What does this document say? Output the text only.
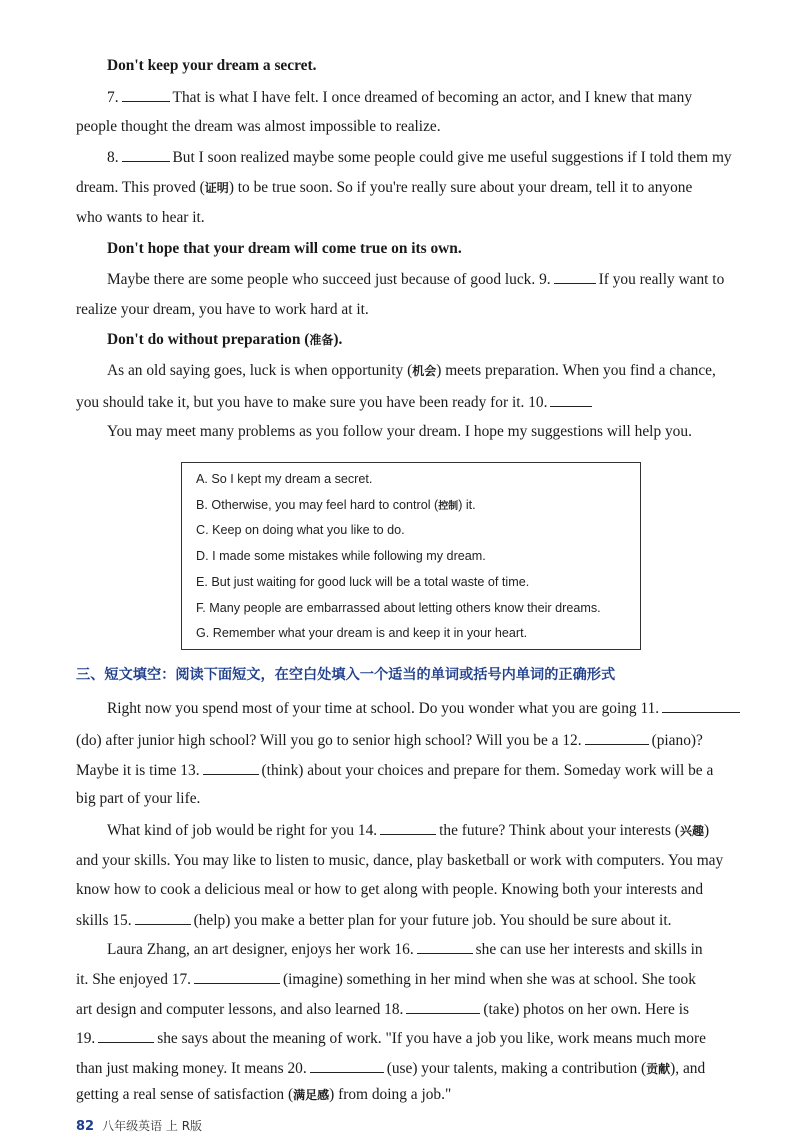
Don't keep your dream a secret.
7.	That is what I have felt. I once dreamed of becoming an actor, and I knew that many
people thought the dream was almost impossible to realize.
8.	But I soon realized maybe some people could give me useful suggestions if I told them my
dream. This proved (证明) to be true soon. So if you're really sure about your dream, tell it to anyone
who wants to hear it.
Don't hope that your dream will come true on its own.
Maybe there are some people who succeed just because of good luck. 9.	If you really want to
realize your dream, you have to work hard at it.
Don't do without preparation (准备).
As an old saying goes, luck is when opportunity (机会) meets preparation. When you find a chance,
you should take it, but you have to make sure you have been ready for it. 10.
You may meet many problems as you follow your dream. I hope my suggestions will help you.
A. So I kept my dream a secret.
B. Otherwise, you may feel hard to control (控制) it.
C. Keep on doing what you like to do.
D. I made some mistakes while following my dream.
E. But just waiting for good luck will be a total waste of time.
F. Many people are embarrassed about letting others know their dreams.
G. Remember what your dream is and keep it in your heart.
三、短文填空：阅读下面短文，在空白处填入一个适当的单词或括号内单词的正确形式
Right now you spend most of your time at school. Do you wonder what you are going 11.
(do) after junior high school? Will you go to senior high school? Will you be a 12.	(piano)?
Maybe it is time 13.	(think) about your choices and prepare for them. Someday work will be a
big part of your life.
What kind of job would be right for you 14.	the future? Think about your interests (兴趣)
and your skills. You may like to listen to music, dance, play basketball or work with computers. You may
know how to cook a delicious meal or how to get along with people. Knowing both your interests and
skills 15.	(help) you make a better plan for your future job. You should be sure about it.
Laura Zhang, an art designer, enjoys her work 16.	she can use her interests and skills in
it. She enjoyed 17.	(imagine) something in her mind when she was at school. She took
art design and computer lessons, and also learned 18.	(take) photos on her own. Here is
19.	she says about the meaning of work. "If you have a job you like, work means much more
than just making money. It means 20.	(use) your talents, making a contribution (贡献), and
getting a real sense of satisfaction (满足感) from doing a job."
82 八年级英语 上 R版
